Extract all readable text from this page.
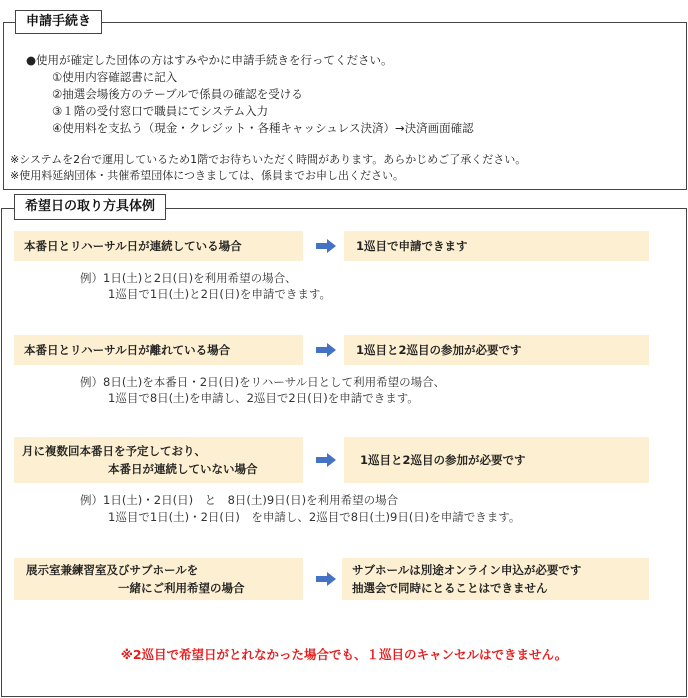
申請手続き
●使用が確定した団体の方はすみやかに申請手続きを行ってください。
①使用内容確認書に記入
②抽選会場後方のテーブルで係員の確認を受ける
③１階の受付窓口で職員にてシステム入力
④使用料を支払う（現金・クレジット・各種キャッシュレス決済）→決済画面確認
※システムを2台で運用しているため1階でお待ちいただく時間があります。あらかじめご了承ください。
※使用料延納団体・共催希望団体につきましては、係員までお申し出ください。
希望日の取り方具体例
本番日とリハーサル日が連続している場合	1巡目で申請できます
例）1日(土)と2日(日)を利用希望の場合、
1巡目で1日(土)と2日(日)を申請できます。
本番日とリハーサル日が離れている場合	1巡目と2巡目の参加が必要です
例）8日(土)を本番日・2日(日)をリハーサル日として利用希望の場合、
1巡目で8日(土)を申請し、2巡目で2日(日)を申請できます。
月に複数回本番日を予定しており、
本番日が連続していない場合
1巡目と2巡目の参加が必要です
例）1日(土)・2日(日)　と　8日(土)9日(日)を利用希望の場合
1巡目で1日(土)・2日(日)　を申請し、2巡目で8日(土)9日(日)を申請できます。
展示室兼練習室及びサブホールを
一緒にご利用希望の場合
サブホールは別途オンライン申込が必要です
抽選会で同時にとることはできません
※2巡目で希望日がとれなかった場合でも、１巡目のキャンセルはできません。
